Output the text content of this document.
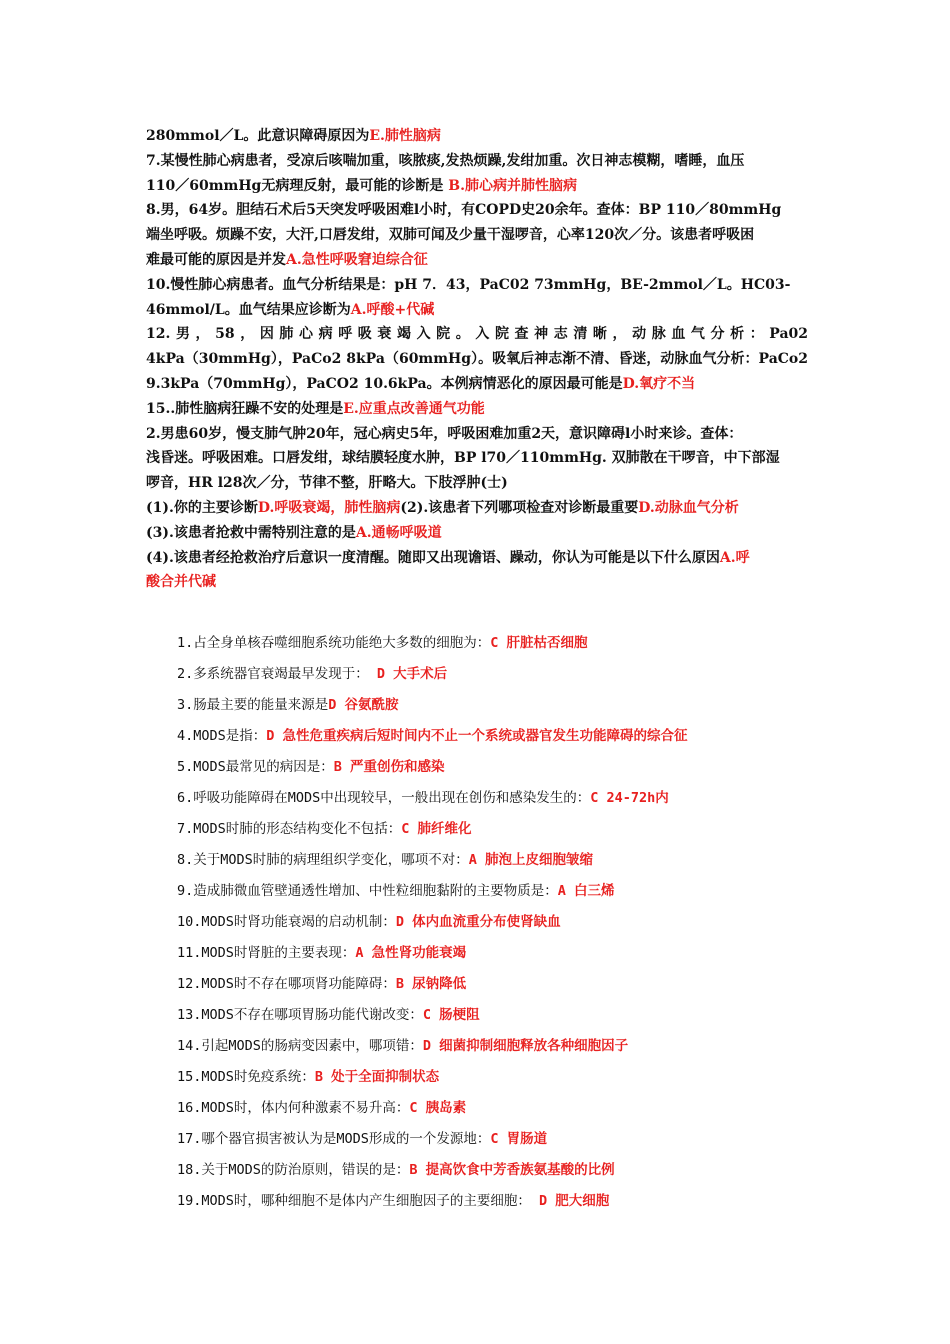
280mmol／L。此意识障碍原因为E.肺性脑病
7.某慢性肺心病患者，受凉后咳喘加重，咳脓痰,发热烦躁,发绀加重。次日神志模糊，嗜睡，血压
110／60mmHg无病理反射，最可能的诊断是 B.肺心病并肺性脑病
8.男，64岁。胆结石术后5天突发呼吸困难l小时，有COPD史20余年。查体：BP 110／80mmHg
端坐呼吸。烦躁不安，大汗,口唇发绀，双肺可闻及少量干湿啰音，心率120次／分。该患者呼吸困
难最可能的原因是并发A.急性呼吸窘迫综合征
10.慢性肺心病患者。血气分析结果是：pH 7．43，PaC02 73mmHg，BE-2mmol／L。HC03-
46mmol/L。血气结果应诊断为A.呼酸+代碱
12.男，58，因肺心病呼吸衰竭入院。入院查神志清晰，动脉血气分析：Pa02
4kPa（30mmHg），PaCo2 8kPa（60mmHg）。吸氧后神志渐不清、昏迷，动脉血气分析：PaCo2
9.3kPa（70mmHg），PaCO2 10.6kPa。本例病情恶化的原因最可能是D.氧疗不当
15..肺性脑病狂躁不安的处理是E.应重点改善通气功能
2.男患60岁，慢支肺气肿20年，冠心病史5年，呼吸困难加重2天，意识障碍l小时来诊。查体：
浅昏迷。呼吸困难。口唇发绀，球结膜轻度水肿，BP l70／110mmHg. 双肺散在干啰音，中下部湿
啰音，HR l28次／分，节律不整，肝略大。下肢浮肿(士)
(1).你的主要诊断D.呼吸衰竭，肺性脑病(2).该患者下列哪项检查对诊断最重要D.动脉血气分析
(3).该患者抢救中需特别注意的是A.通畅呼吸道
(4).该患者经抢救治疗后意识一度清醒。随即又出现谵语、躁动，你认为可能是以下什么原因A.呼
酸合并代碱
1.占全身单核吞噬细胞系统功能绝大多数的细胞为：C 肝脏枯否细胞
2.多系统器官衰竭最早发现于： D 大手术后
3.肠最主要的能量来源是D 谷氨酰胺
4.MODS是指：D 急性危重疾病后短时间内不止一个系统或器官发生功能障碍的综合征
5.MODS最常见的病因是：B 严重创伤和感染
6.呼吸功能障碍在MODS中出现较早，一般出现在创伤和感染发生的：C 24-72h内
7.MODS时肺的形态结构变化不包括：C 肺纤维化
8.关于MODS时肺的病理组织学变化，哪项不对：A 肺泡上皮细胞皱缩
9.造成肺微血管壁通透性增加、中性粒细胞黏附的主要物质是：A 白三烯
10.MODS时肾功能衰竭的启动机制：D 体内血流重分布使肾缺血
11.MODS时肾脏的主要表现：A 急性肾功能衰竭
12.MODS时不存在哪项肾功能障碍：B 尿钠降低
13.MODS不存在哪项胃肠功能代谢改变：C 肠梗阻
14.引起MODS的肠病变因素中，哪项错：D 细菌抑制细胞释放各种细胞因子
15.MODS时免疫系统：B 处于全面抑制状态
16.MODS时，体内何种激素不易升高：C 胰岛素
17.哪个器官损害被认为是MODS形成的一个发源地：C 胃肠道
18.关于MODS的防治原则，错误的是：B 提高饮食中芳香族氨基酸的比例
19.MODS时，哪种细胞不是体内产生细胞因子的主要细胞： D 肥大细胞
